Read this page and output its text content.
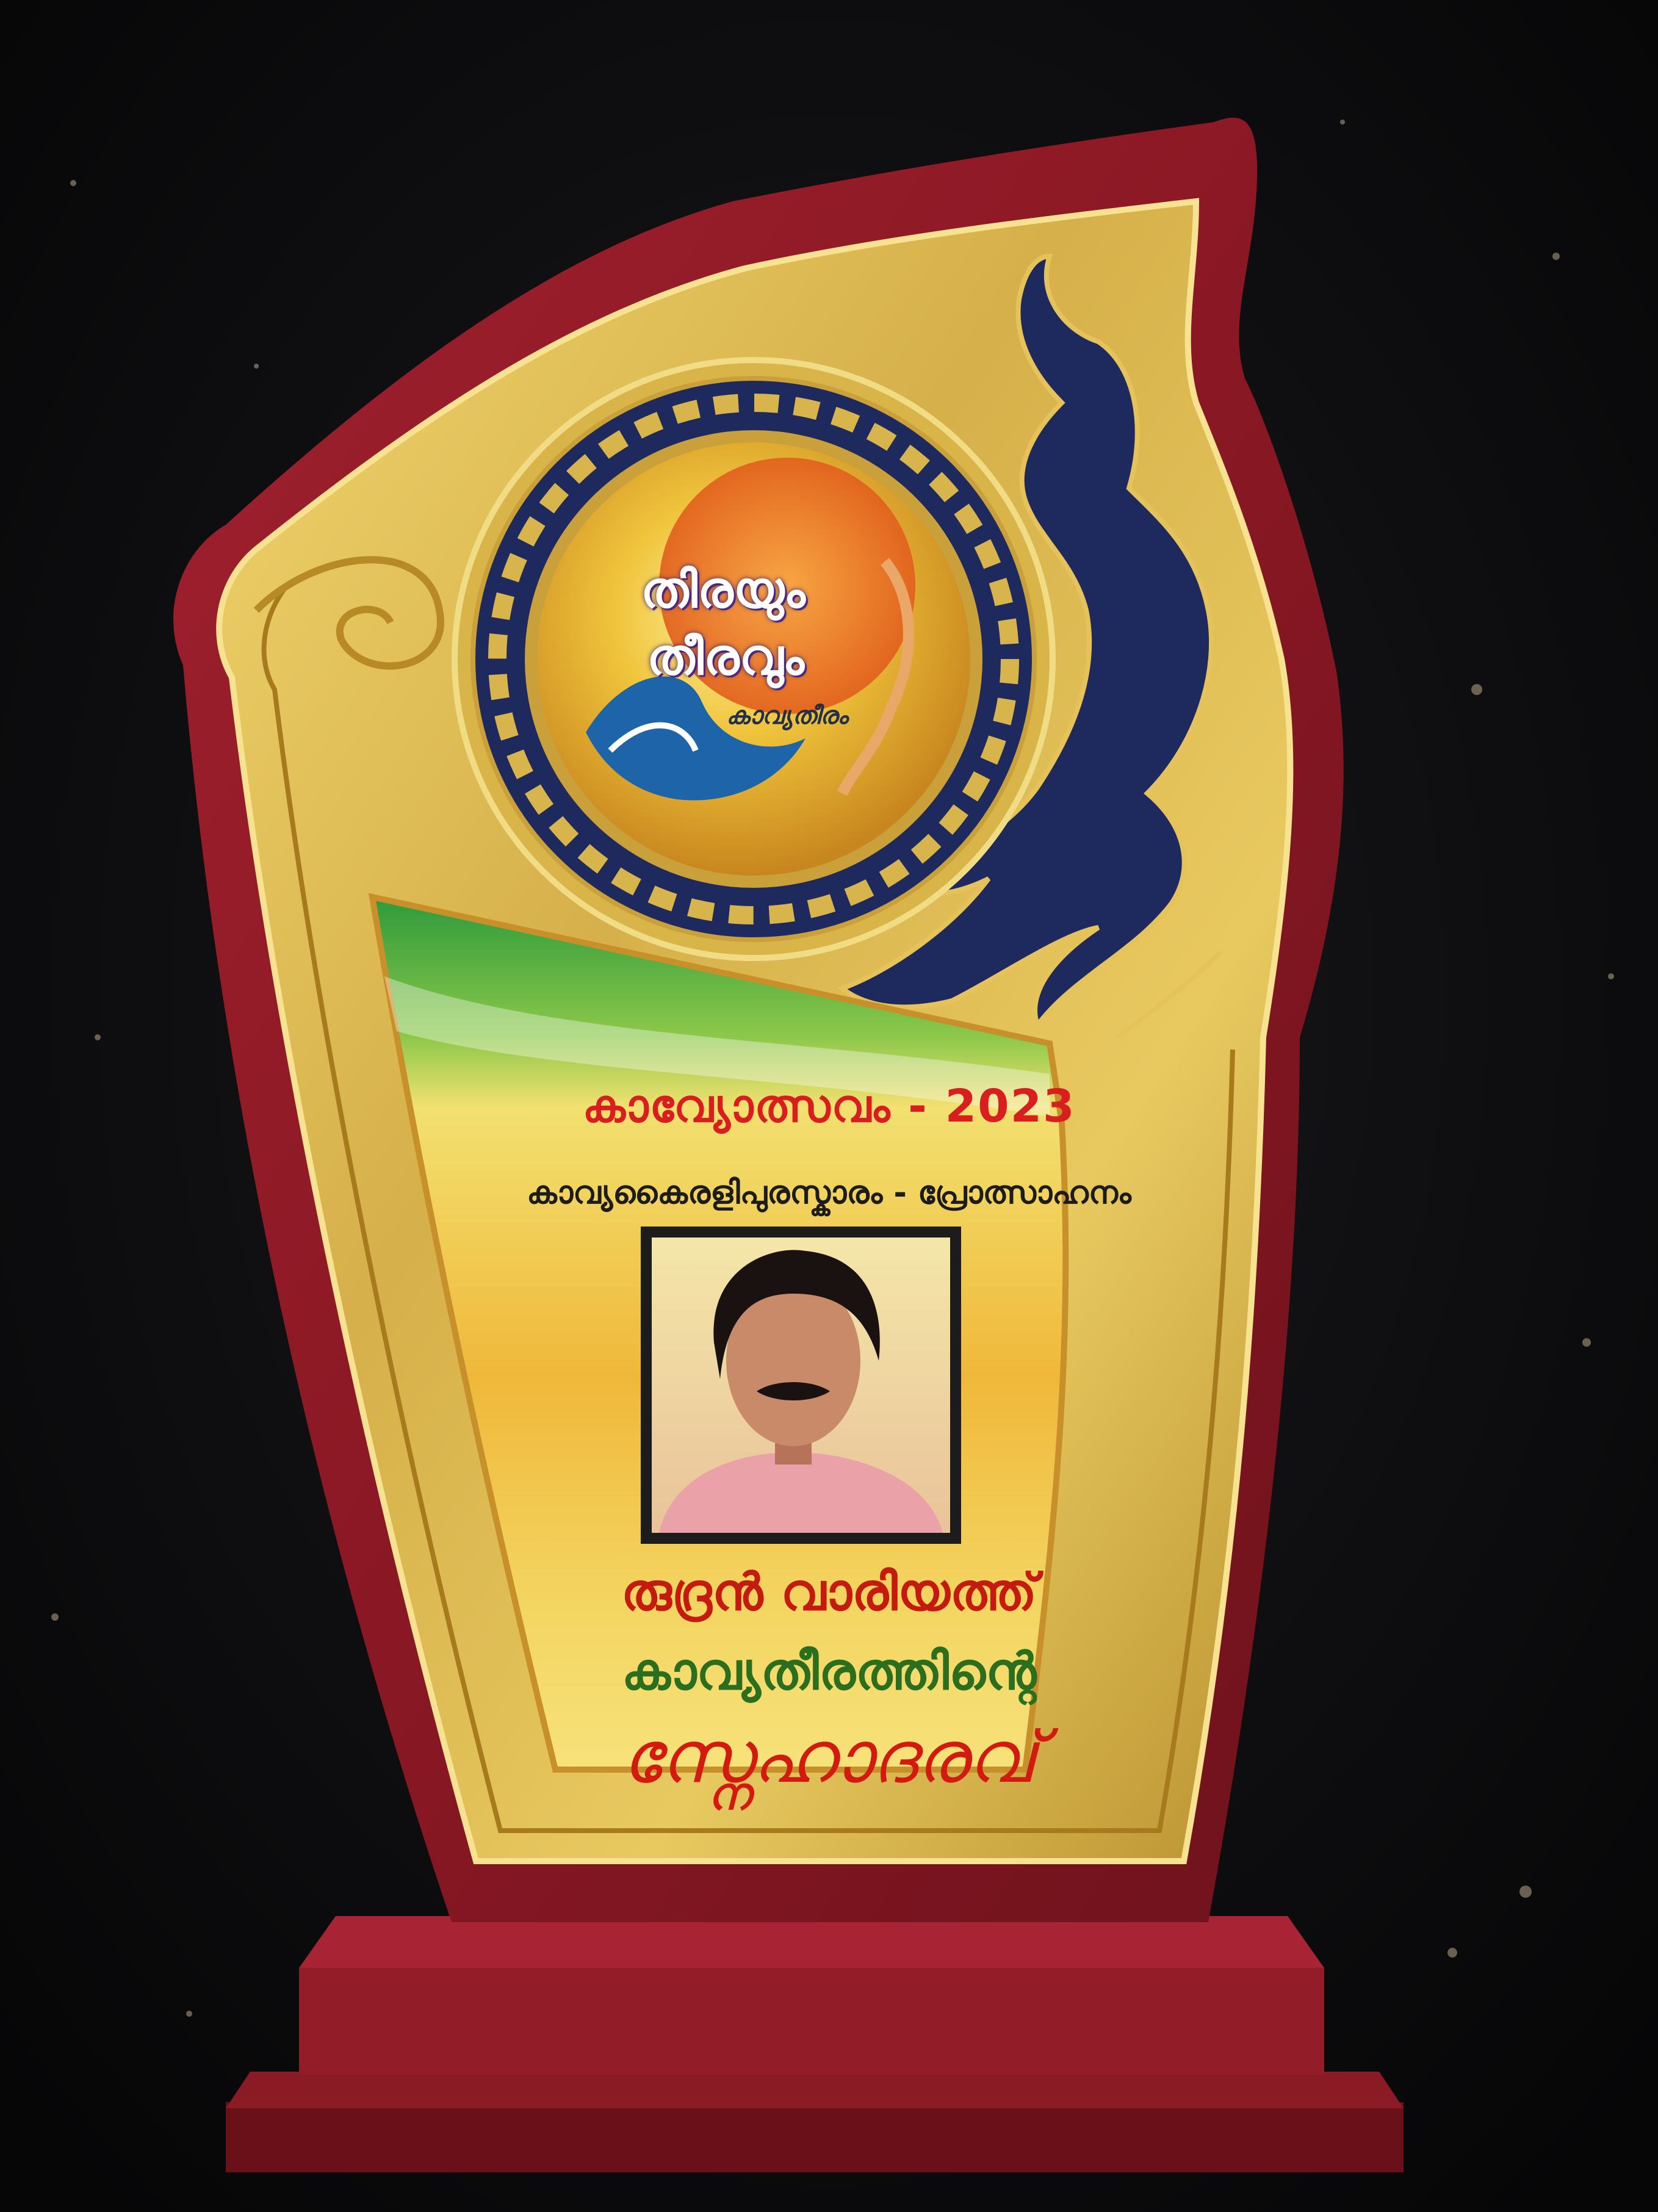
തിരയും
തീരവും
കാവ്യതീരം
കാവ്യോത്സവം - 2023
കാവ്യകൈരളിപുരസ്കാരം - പ്രോത്സാഹനം
രുദ്രൻ വാരിയത്ത്
കാവ്യതീരത്തിന്റെ
സ്നേഹാദരവ്
